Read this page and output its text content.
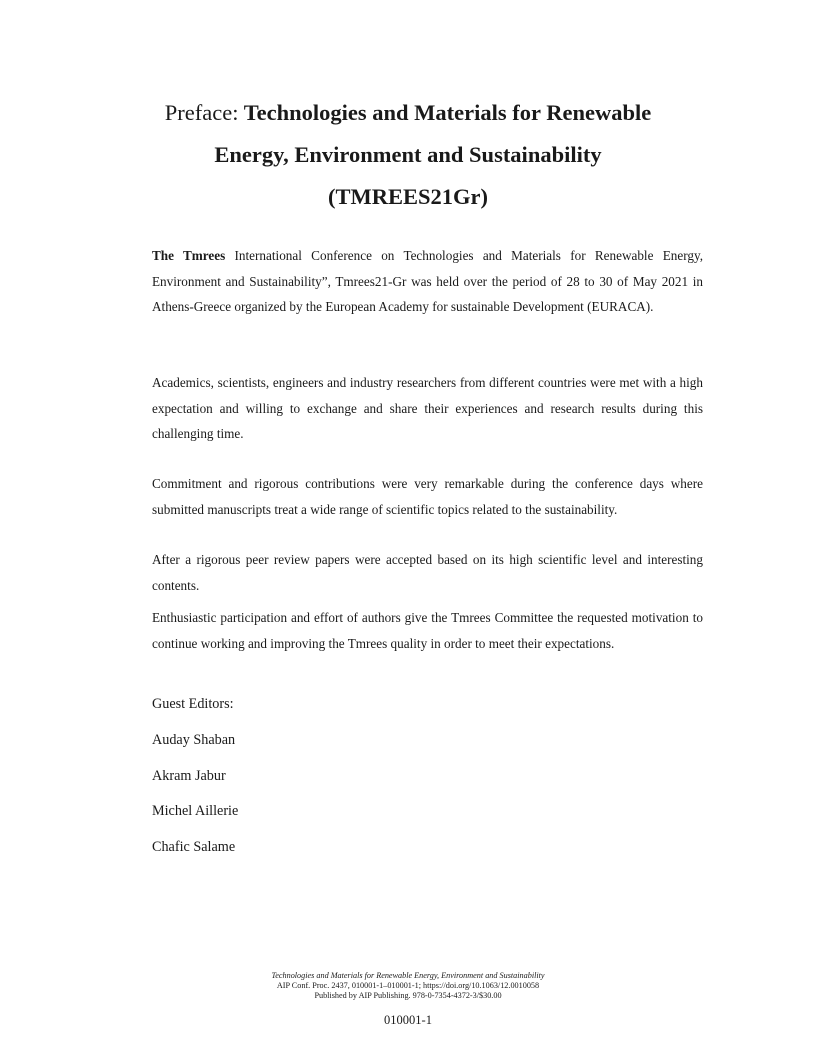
Preface: Technologies and Materials for Renewable
Energy, Environment and Sustainability
(TMREES21Gr)

The Tmrees International Conference on Technologies and Materials for Renewable Energy, Environment and Sustainability”, Tmrees21-Gr was held over the period of 28 to 30 of May 2021 in Athens-Greece organized by the European Academy for sustainable Development (EURACA).

Academics, scientists, engineers and industry researchers from different countries were met with a high expectation and willing to exchange and share their experiences and research results during this challenging time.

Commitment and rigorous contributions were very remarkable during the conference days where submitted manuscripts treat a wide range of scientific topics related to the sustainability.

After a rigorous peer review papers were accepted based on its high scientific level and interesting contents.

Enthusiastic participation and effort of authors give the Tmrees Committee the requested motivation to continue working and improving the Tmrees quality in order to meet their expectations.

Guest Editors:
Auday Shaban
Akram Jabur
Michel Aillerie
Chafic Salame
Technologies and Materials for Renewable Energy, Environment and Sustainability
AIP Conf. Proc. 2437, 010001-1–010001-1; https://doi.org/10.1063/12.0010058
Published by AIP Publishing. 978-0-7354-4372-3/$30.00
010001-1
